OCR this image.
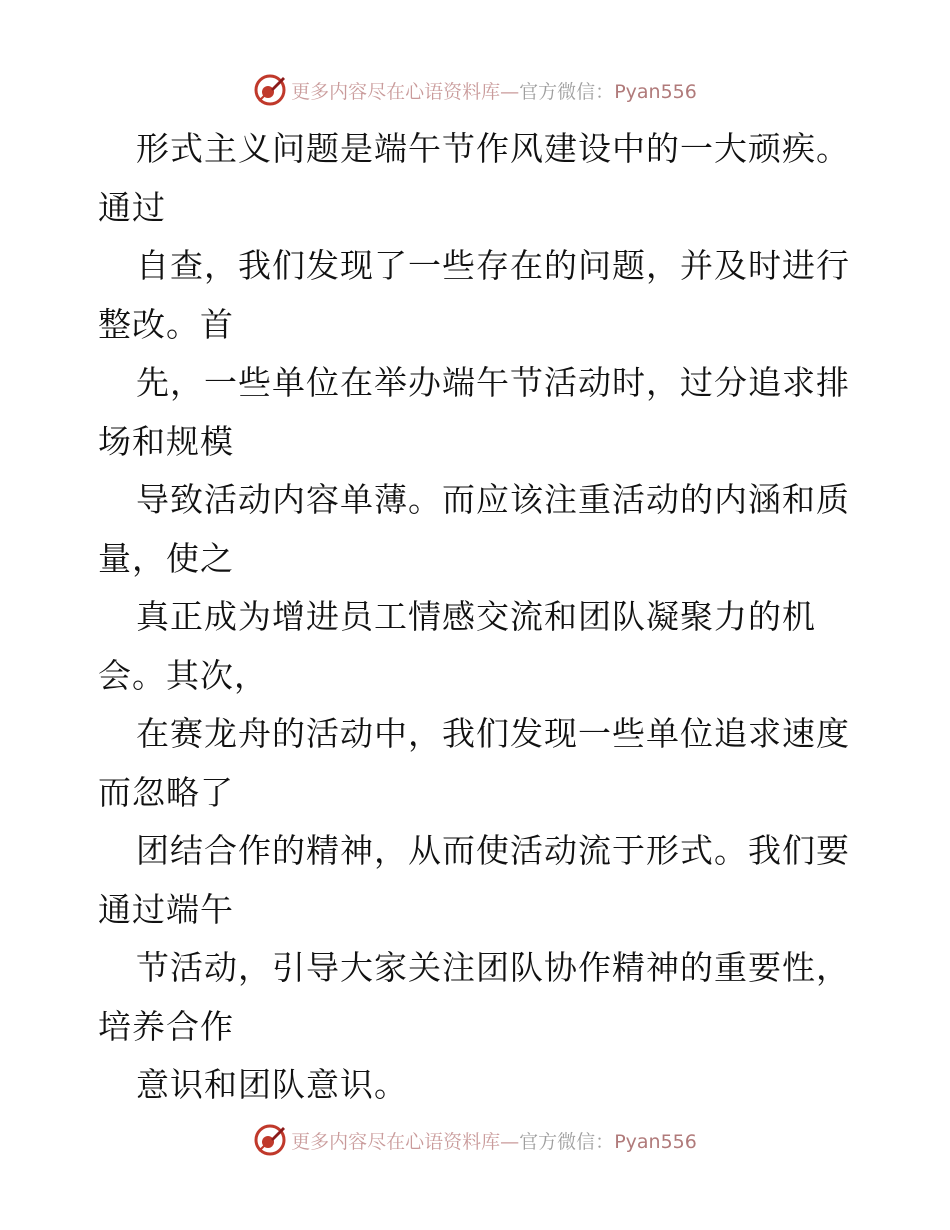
更多内容尽在心语资料库—官方微信：Pyan556
形式主义问题是端午节作风建设中的一大顽疾。
通过
自查，我们发现了一些存在的问题，并及时进行
整改。首
先，一些单位在举办端午节活动时，过分追求排
场和规模
导致活动内容单薄。而应该注重活动的内涵和质
量，使之
真正成为增进员工情感交流和团队凝聚力的机
会。其次，
在赛龙舟的活动中，我们发现一些单位追求速度
而忽略了
团结合作的精神，从而使活动流于形式。我们要
通过端午
节活动，引导大家关注团队协作精神的重要性，
培养合作
意识和团队意识。
更多内容尽在心语资料库—官方微信：Pyan556
